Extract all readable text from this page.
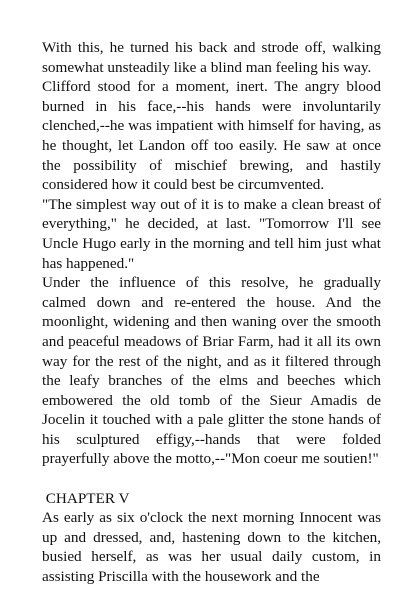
With this, he turned his back and strode off, walking somewhat unsteadily like a blind man feeling his way.

Clifford stood for a moment, inert. The angry blood burned in his face,--his hands were involuntarily clenched,--he was impatient with himself for having, as he thought, let Landon off too easily. He saw at once the possibility of mischief brewing, and hastily considered how it could best be circumvented.

"The simplest way out of it is to make a clean breast of everything," he decided, at last. "Tomorrow I'll see Uncle Hugo early in the morning and tell him just what has happened."

Under the influence of this resolve, he gradually calmed down and re-entered the house. And the moonlight, widening and then waning over the smooth and peaceful meadows of Briar Farm, had it all its own way for the rest of the night, and as it filtered through the leafy branches of the elms and beeches which embowered the old tomb of the Sieur Amadis de Jocelin it touched with a pale glitter the stone hands of his sculptured effigy,--hands that were folded prayerfully above the motto,--"Mon coeur me soutien!"

CHAPTER V

As early as six o'clock the next morning Innocent was up and dressed, and, hastening down to the kitchen, busied herself, as was her usual daily custom, in assisting Priscilla with the housework and the
